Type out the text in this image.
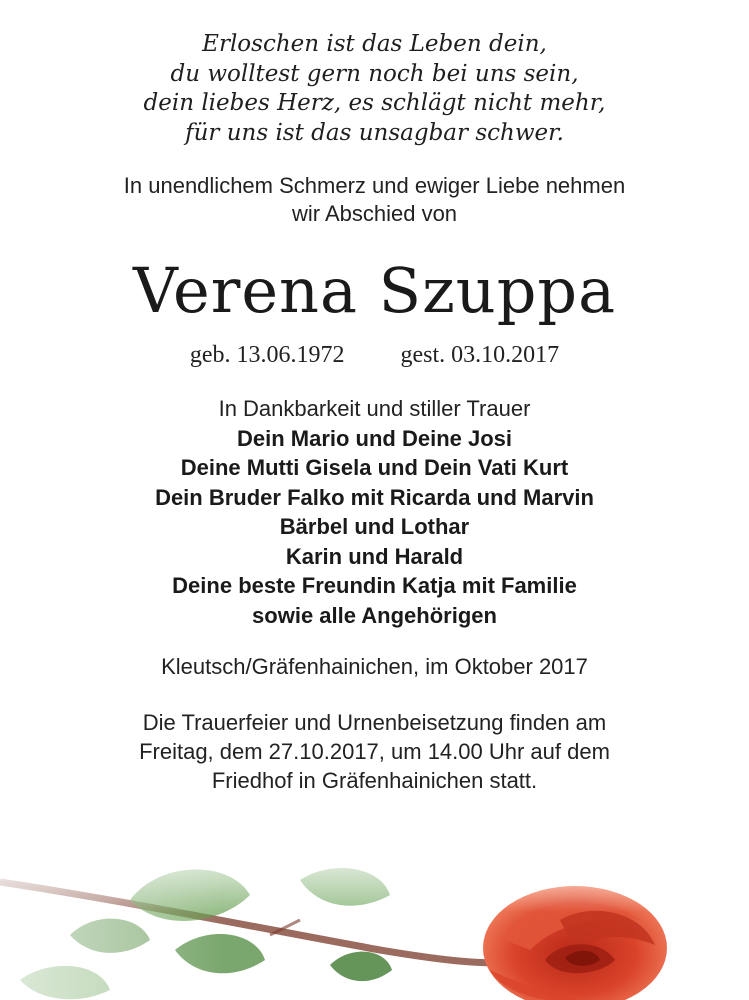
Erloschen ist das Leben dein,
du wolltest gern noch bei uns sein,
dein liebes Herz, es schlägt nicht mehr,
für uns ist das unsagbar schwer.
In unendlichem Schmerz und ewiger Liebe nehmen
wir Abschied von
Verena Szuppa
geb. 13.06.1972 gest. 03.10.2017
In Dankbarkeit und stiller Trauer
Dein Mario und Deine Josi
Deine Mutti Gisela und Dein Vati Kurt
Dein Bruder Falko mit Ricarda und Marvin
Bärbel und Lothar
Karin und Harald
Deine beste Freundin Katja mit Familie
sowie alle Angehörigen
Kleutsch/Gräfenhainichen, im Oktober 2017
Die Trauerfeier und Urnenbeisetzung finden am
Freitag, dem 27.10.2017, um 14.00 Uhr auf dem
Friedhof in Gräfenhainichen statt.
